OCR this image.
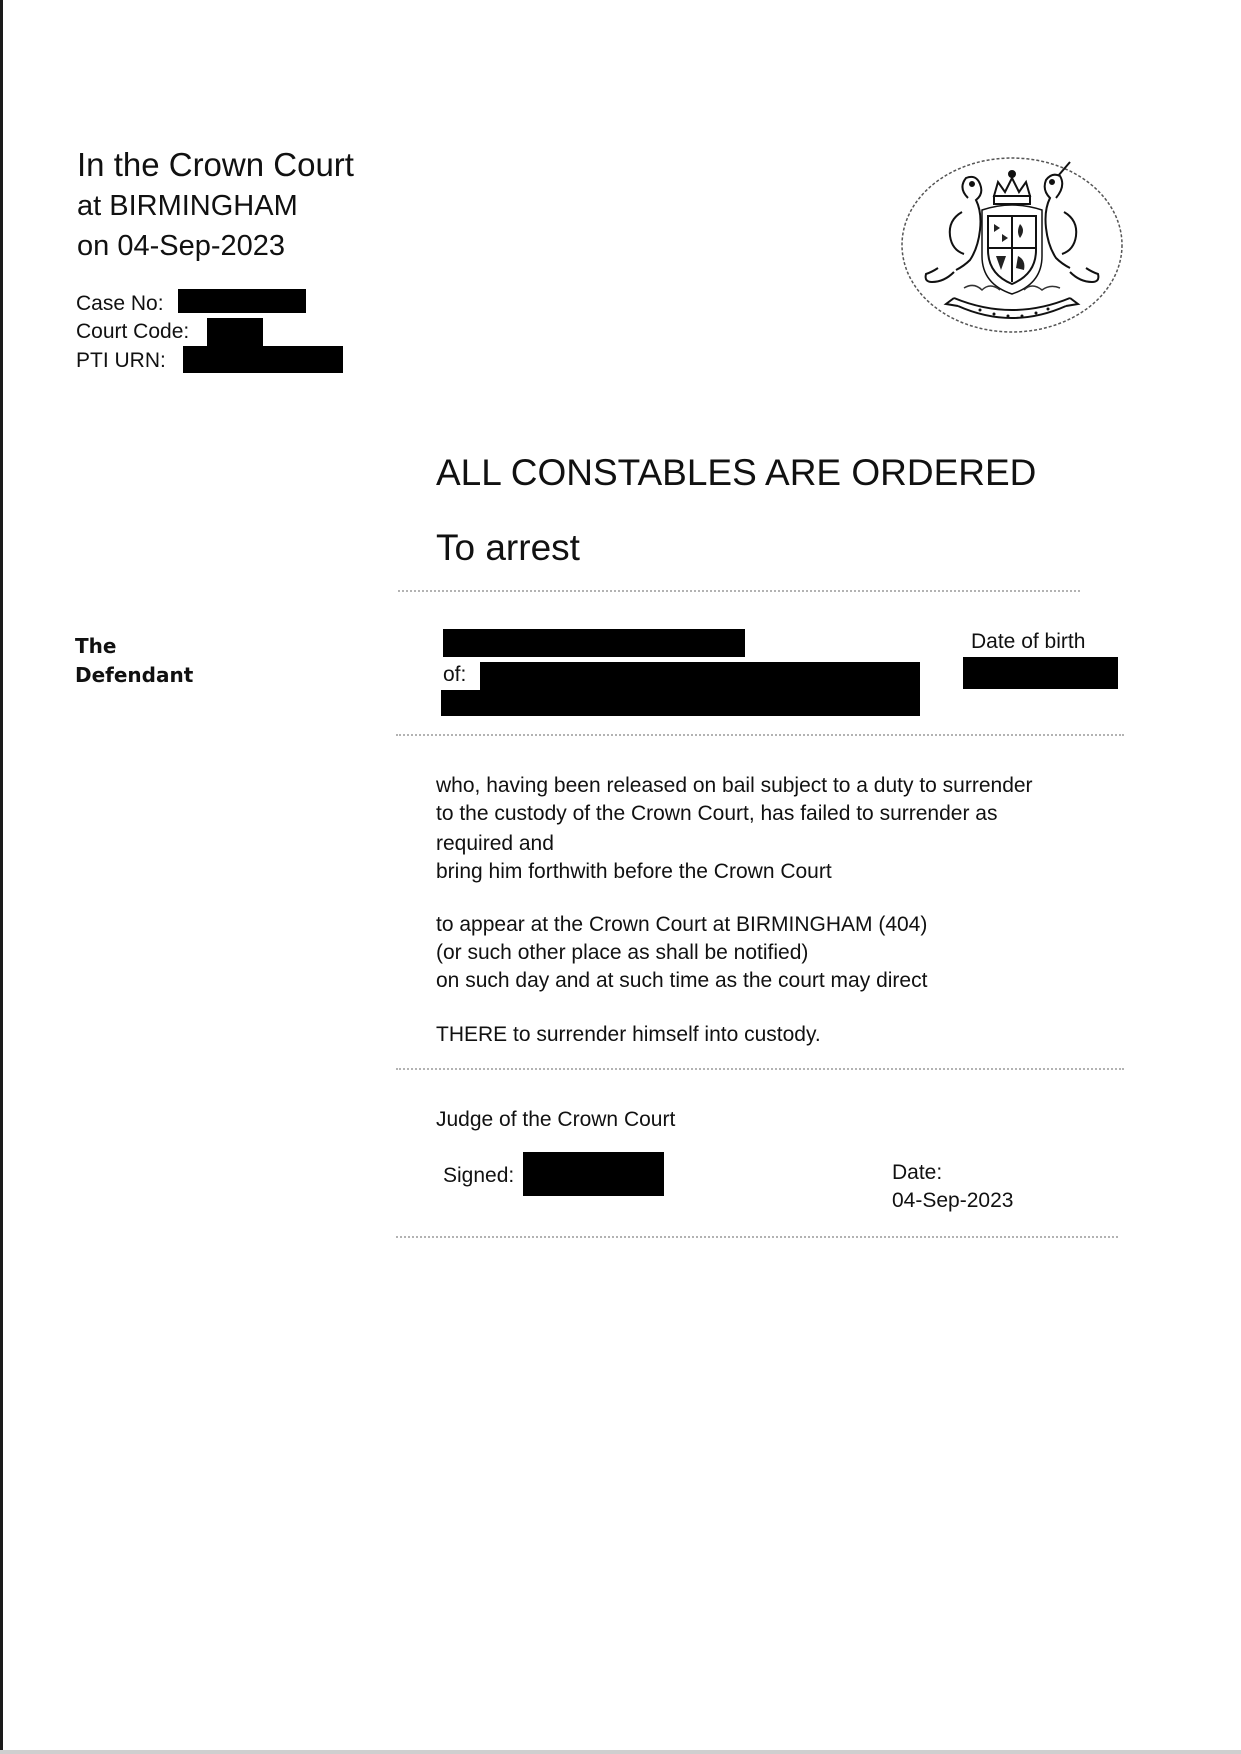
In the Crown Court
at BIRMINGHAM
on 04-Sep-2023
Case No:
Court Code:
PTI URN:
ALL CONSTABLES ARE ORDERED
To arrest
The
Defendant	of:
Date of birth
who, having been released on bail subject to a duty to surrender
to the custody of the Crown Court, has failed to surrender as
required and
bring him forthwith before the Crown Court
to appear at the Crown Court at BIRMINGHAM (404)
(or such other place as shall be notified)
on such day and at such time as the court may direct
THERE to surrender himself into custody.
Judge of the Crown Court
Signed:	Date:
04-Sep-2023
